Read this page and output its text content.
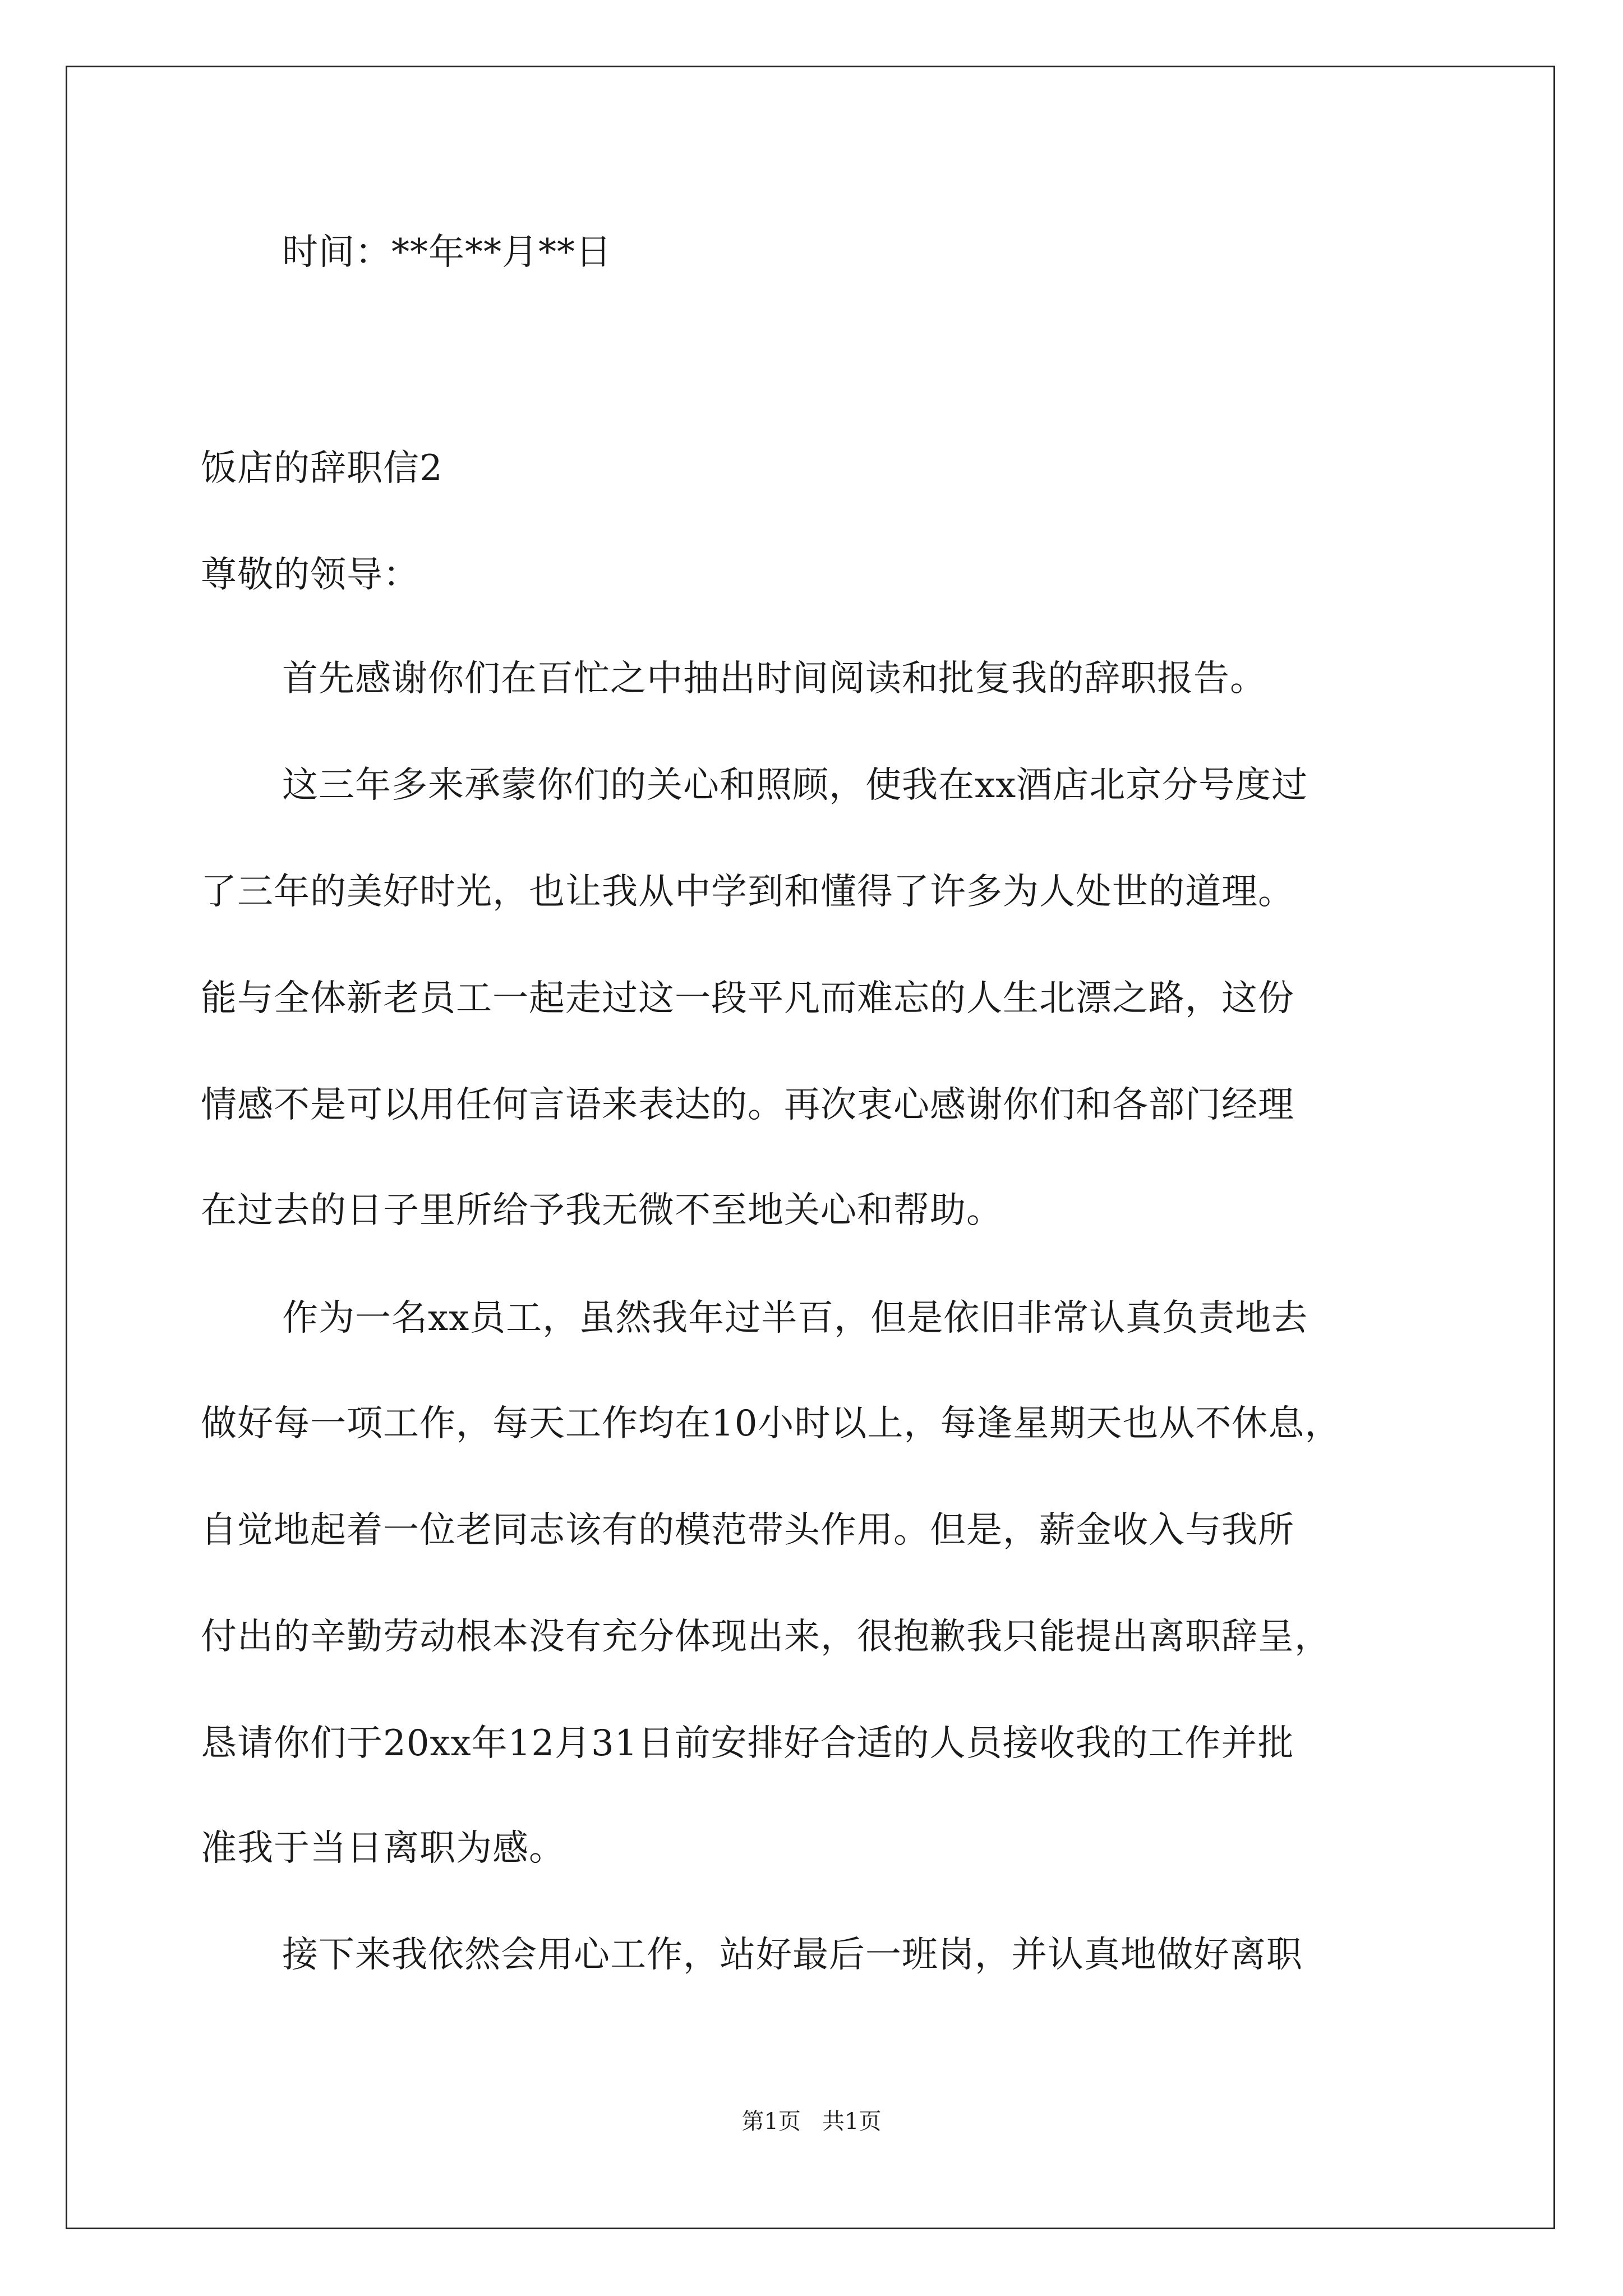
时间：**年**月**日
饭店的辞职信2
尊敬的领导：
首先感谢你们在百忙之中抽出时间阅读和批复我的辞职报告。
这三年多来承蒙你们的关心和照顾，使我在xx酒店北京分号度过
了三年的美好时光，也让我从中学到和懂得了许多为人处世的道理。
能与全体新老员工一起走过这一段平凡而难忘的人生北漂之路，这份
情感不是可以用任何言语来表达的。再次衷心感谢你们和各部门经理
在过去的日子里所给予我无微不至地关心和帮助。
作为一名xx员工，虽然我年过半百，但是依旧非常认真负责地去
做好每一项工作，每天工作均在10小时以上，每逢星期天也从不休息，
自觉地起着一位老同志该有的模范带头作用。但是，薪金收入与我所
付出的辛勤劳动根本没有充分体现出来，很抱歉我只能提出离职辞呈，
恳请你们于20xx年12月31日前安排好合适的人员接收我的工作并批
准我于当日离职为感。
接下来我依然会用心工作，站好最后一班岗，并认真地做好离职
第1页   共1页
